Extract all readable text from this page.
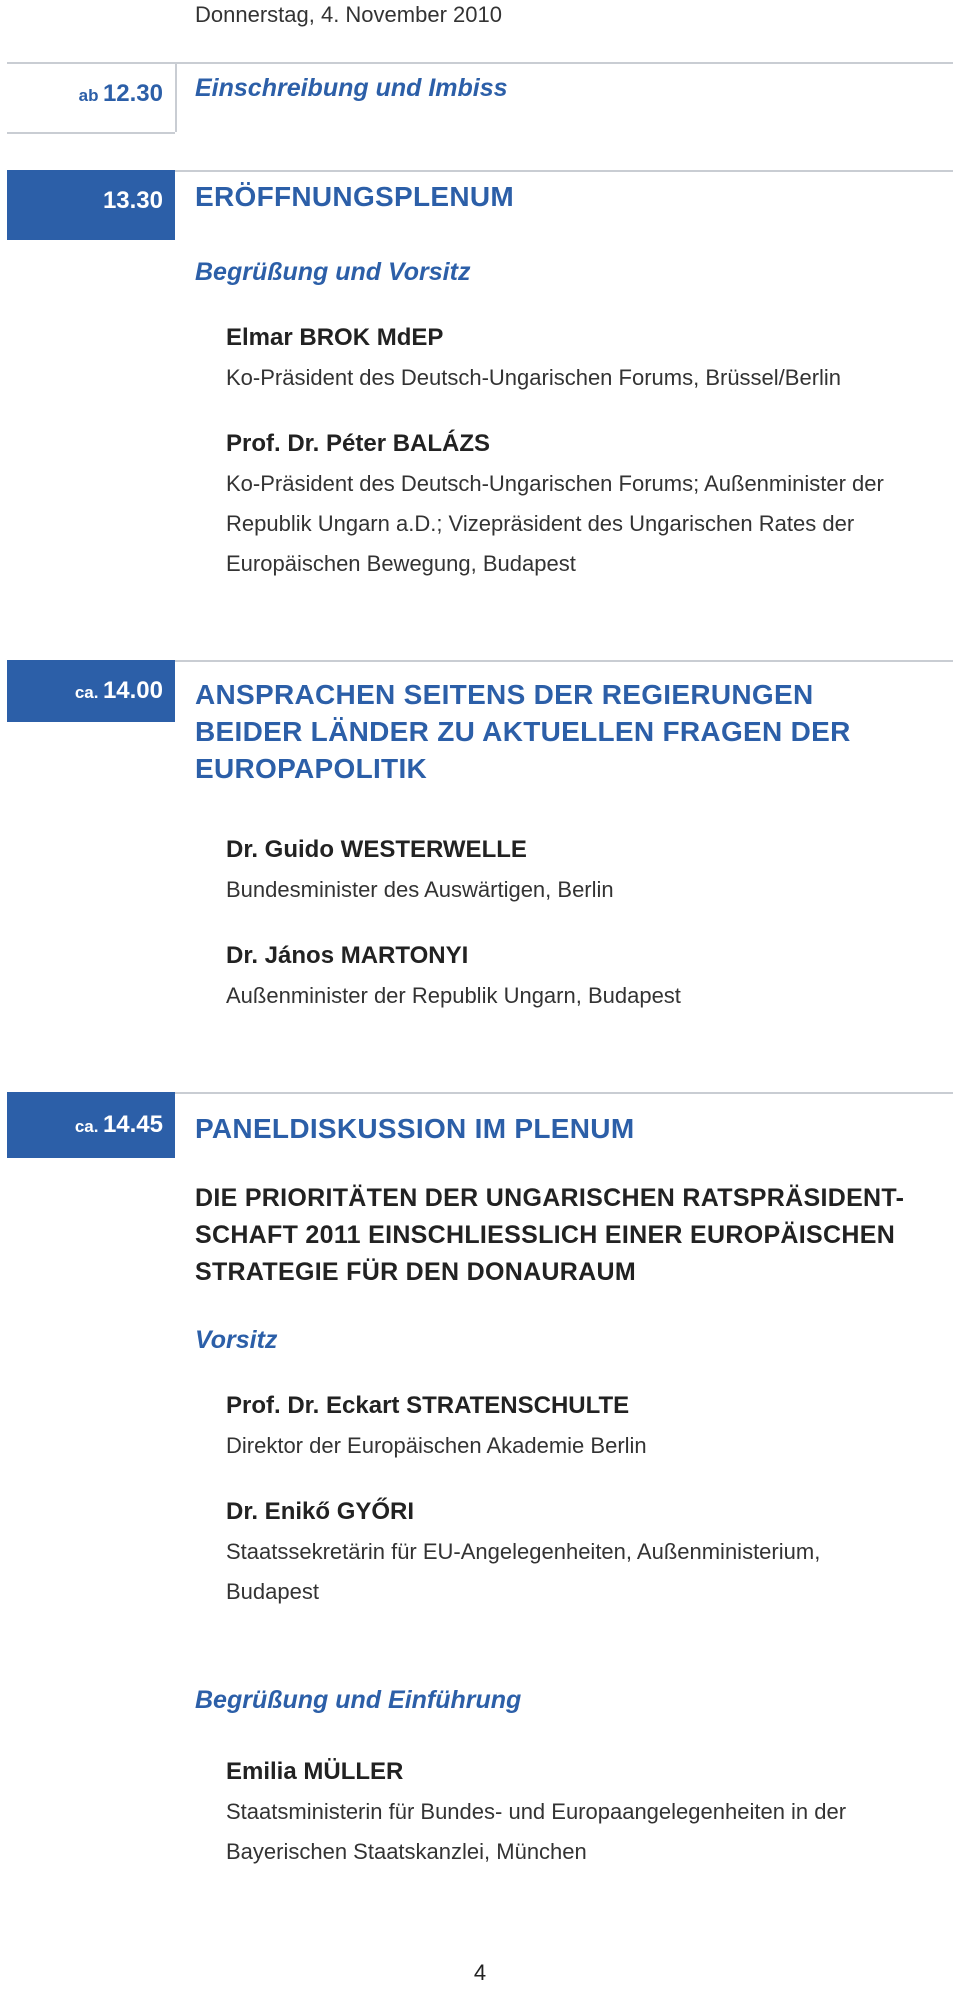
Donnerstag, 4. November 2010
ab 12.30	Einschreibung und Imbiss
13.30	ERÖFFNUNGSPLENUM
Begrüßung und Vorsitz
Elmar BROK MdEP
Ko-Präsident des Deutsch-Ungarischen Forums, Brüssel/Berlin
Prof. Dr. Péter BALÁZS
Ko-Präsident des Deutsch-Ungarischen Forums; Außenminister der
Republik Ungarn a.D.; Vizepräsident des Ungarischen Rates der
Europäischen Bewegung, Budapest
ca. 14.00	ANSPRACHEN SEITENS DER REGIERUNGEN
BEIDER LÄNDER ZU AKTUELLEN FRAGEN DER
EUROPAPOLITIK
Dr. Guido WESTERWELLE
Bundesminister des Auswärtigen, Berlin
Dr. János MARTONYI
Außenminister der Republik Ungarn, Budapest
ca. 14.45	PANELDISKUSSION IM PLENUM
DIE PRIORITÄTEN DER UNGARISCHEN RATSPRÄSIDENT-
SCHAFT 2011 EINSCHLIESSLICH EINER EUROPÄISCHEN
STRATEGIE FÜR DEN DONAURAUM
Vorsitz
Prof. Dr. Eckart STRATENSCHULTE
Direktor der Europäischen Akademie Berlin
Dr. Enikő GYŐRI
Staatssekretärin für EU-Angelegenheiten, Außenministerium,
Budapest
Begrüßung und Einführung
Emilia MÜLLER
Staatsministerin für Bundes- und Europaangelegenheiten in der
Bayerischen Staatskanzlei, München
4
